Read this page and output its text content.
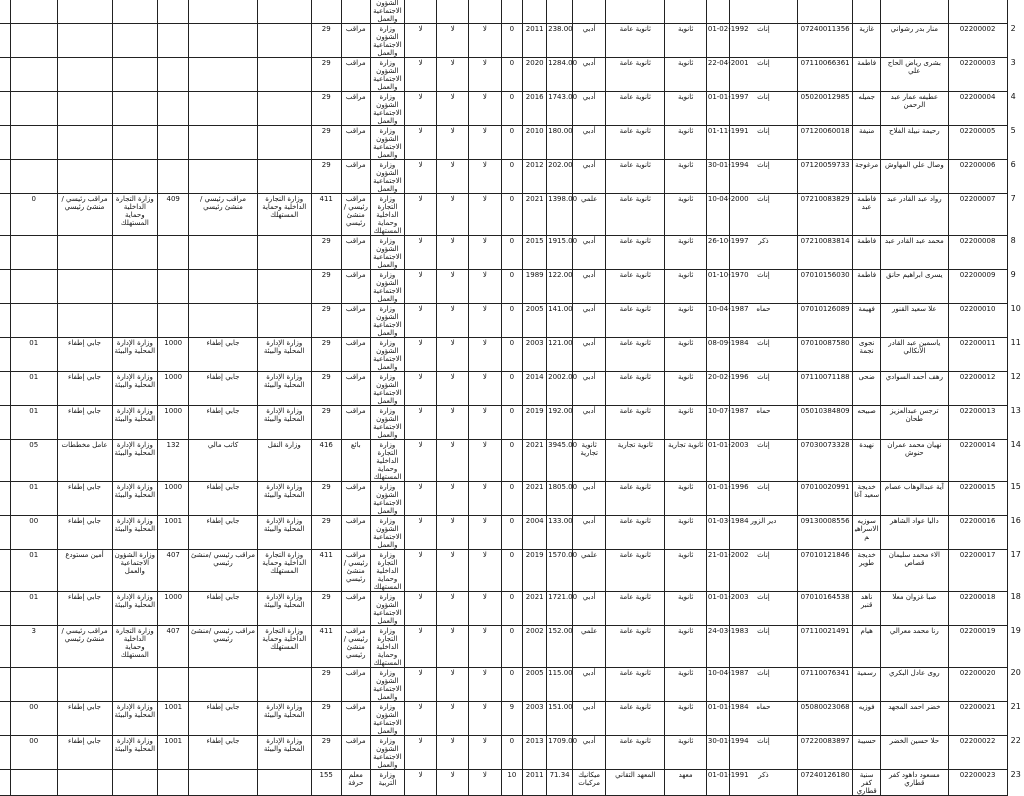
									الشؤون الاجتماعية والعمل																
							29	مراقب	وزارة الشؤون الاجتماعية والعمل	لا	لا	لا	0	2011	238.00	أدبي	ثانوية عامة	ثانوية	01-02-1992	إناث	07240011356	غازية	منار بدر رشواني	02200002	2
							29	مراقب	وزارة الشؤون الاجتماعية والعمل	لا	لا	لا	0	2020	1284.00	أدبي	ثانوية عامة	ثانوية	22-04-2001	إناث	07110066361	فاطمة	بشرى رياض الحاج علي	02200003	3
							29	مراقب	وزارة الشؤون الاجتماعية والعمل	لا	لا	لا	0	2016	1743.00	أدبي	ثانوية عامة	ثانوية	01-01-1997	إناث	05020012985	جميله	عطيفه عمار عبد الرحمن	02200004	4
							29	مراقب	وزارة الشؤون الاجتماعية والعمل	لا	لا	لا	0	2010	180.00	أدبي	ثانوية عامة	ثانوية	01-11-1991	إناث	07120060018	منيفة	رحيمة نبيلة الفلاح	02200005	5
							29	مراقب	وزارة الشؤون الاجتماعية والعمل	لا	لا	لا	0	2012	202.00	أدبي	ثانوية عامة	ثانوية	30-01-1994	إناث	07120059733	مرغوجة	وصال علي المهاوش	02200006	6
	0	مراقب رئيسي / منشئ رئيسي	وزارة التجارة الداخلية وحماية المستهلك	409	مراقب رئيسي / منشئ رئيسي	وزارة التجارة الداخلية وحماية المستهلك	411	مراقب رئيسي /منشئ رئيسي	وزارة التجارة الداخلية وحماية المستهلك	لا	لا	لا	0	2021	1398.00	علمي	ثانوية عامة	ثانوية	10-04-2000	إناث	07210083829	فاطمة عبد	رواد عبد القادر عبد	02200007	7
							29	مراقب	وزارة الشؤون الاجتماعية والعمل	لا	لا	لا	0	2015	1915.00	أدبي	ثانوية عامة	ثانوية	26-10-1997	ذكر	07210083814	فاطمة	محمد عبد القادر عبد	02200008	8
							29	مراقب	وزارة الشؤون الاجتماعية والعمل	لا	لا	لا	0	1989	122.00	أدبي	ثانوية عامة	ثانوية	01-10-1970	إناث	07010156030	فاطمة	يسرى ابراهيم حانق	02200009	9
							29	مراقب	وزارة الشؤون الاجتماعية والعمل	لا	لا	لا	0	2005	141.00	أدبي	ثانوية عامة	ثانوية	10-04-1987	حماه	07010126089	فهيمة	علا سعيد القنور	02200010	10
	01	جابي إطفاء	وزارة الإدارة المحلية والبيئة	1000	جابي إطفاء	وزارة الإدارة المحلية والبيئة	29	مراقب	وزارة الشؤون الاجتماعية والعمل	لا	لا	لا	0	2003	121.00	أدبي	ثانوية عامة	ثانوية	08-09-1984	إناث	07010087580	نجوى نجمة	ياسمين عبد القادر الأنكالي	02200011	11
	01	جابي إطفاء	وزارة الإدارة المحلية والبيئة	1000	جابي إطفاء	وزارة الإدارة المحلية والبيئة	29	مراقب	وزارة الشؤون الاجتماعية والعمل	لا	لا	لا	0	2014	2002.00	أدبي	ثانوية عامة	ثانوية	20-02-1996	إناث	07110071188	ضحى	رهف أحمد السوادي	02200012	12
	01	جابي إطفاء	وزارة الإدارة المحلية والبيئة	1000	جابي إطفاء	وزارة الإدارة المحلية والبيئة	29	مراقب	وزارة الشؤون الاجتماعية والعمل	لا	لا	لا	0	2019	192.00	أدبي	ثانوية عامة	ثانوية	10-07-1987	حماه	05010384809	صبيحه	ترجس عبدالعزيز طحان	02200013	13
	05	عامل مخططات	وزارة الإدارة المحلية والبيئة	132	كاتب مالي	وزارة النقل	416	بائع	وزارة التجارة الداخلية وحماية المستهلك	لا	لا	لا	0	2021	3945.00	ثانوية تجارية	ثانوية تجارية	ثانوية تجارية	01-01-2003	إناث	07030073328	نهيدة	نهيان محمد عمران حنوش	02200014	14
	01	جابي إطفاء	وزارة الإدارة المحلية والبيئة	1000	جابي إطفاء	وزارة الإدارة المحلية والبيئة	29	مراقب	وزارة الشؤون الاجتماعية والعمل	لا	لا	لا	0	2021	1805.00	أدبي	ثانوية عامة	ثانوية	01-01-1996	إناث	07010020991	خديجة سعيد آغا	آية عبدالوهاب عصام	02200015	15
	00	جابي إطفاء	وزارة الإدارة المحلية والبيئة	1001	جابي إطفاء	وزارة الإدارة المحلية والبيئة	29	مراقب	وزارة الشؤون الاجتماعية والعمل	لا	لا	لا	0	2004	133.00	أدبي	ثانوية عامة	ثانوية	01-03-1984	دير الزور	09130008556	سوزيه الاسراهيم	دالیا عواد الشاهر	02200016	16
	01	أمين مستودع	وزارة الشؤون الاجتماعية والعمل	407	مراقب رئيسي /منشئ رئيسي	وزارة التجارة الداخلية وحماية المستهلك	411	مراقب رئيسي /منشئ رئيسي	وزارة التجارة الداخلية وحماية المستهلك	لا	لا	لا	0	2019	1570.00	علمي	ثانوية عامة	ثانوية	21-01-2002	إناث	07010121846	خديجة طوير	الاء محمد سليمان قصاص	02200017	17
	01	جابي إطفاء	وزارة الإدارة المحلية والبيئة	1000	جابي إطفاء	وزارة الإدارة المحلية والبيئة	29	مراقب	وزارة الشؤون الاجتماعية والعمل	لا	لا	لا	0	2021	1721.00	أدبي	ثانوية عامة	ثانوية	01-01-2003	إناث	07010164538	ناهد قنبر	صبا غزوان معلا	02200018	18
	3	مراقب رئيسي /منشئ رئيسي	وزارة التجارة الداخلية وحماية المستهلك	407	مراقب رئيسي /منشئ رئيسي	وزارة التجارة الداخلية وحماية المستهلك	411	مراقب رئيسي /منشئ رئيسي	وزارة التجارة الداخلية وحماية المستهلك	لا	لا	لا	0	2002	152.00	علمي	ثانوية عامة	ثانوية	24-03-1983	إناث	07110021491	هيام	رنا محمد معرالي	02200019	19
							29	مراقب	وزارة الشؤون الاجتماعية والعمل	لا	لا	لا	0	2005	115.00	أدبي	ثانوية عامة	ثانوية	10-04-1987	إناث	07110076341	رسمية	روى عادل البكري	02200020	20
	00	جابي إطفاء	وزارة الإدارة المحلية والبيئة	1001	جابي إطفاء	وزارة الإدارة المحلية والبيئة	29	مراقب	وزارة الشؤون الاجتماعية والعمل	لا	لا	لا	9	2003	151.00	أدبي	ثانوية عامة	ثانوية	01-01-1984	حماه	05080023068	فوزيه	خضر احمد المجهد	02200021	21
	00	جابي إطفاء	وزارة الإدارة المحلية والبيئة	1001	جابي إطفاء	وزارة الإدارة المحلية والبيئة	29	مراقب	وزارة الشؤون الاجتماعية والعمل	لا	لا	لا	0	2013	1709.00	أدبي	ثانوية عامة	ثانوية	30-01-1994	إناث	07220083897	حسيبة	حلا حسين الخضر	02200022	22
							155	معلم حرفة	وزارة التربية	لا	لا	لا	10	2011	71.34	ميكانيك مركبات	المعهد التقاني	معهد	01-01-1991	ذكر	07240126180	سنية كفر قطاري	مسعود داهود كفر قطاري	02200023	23
